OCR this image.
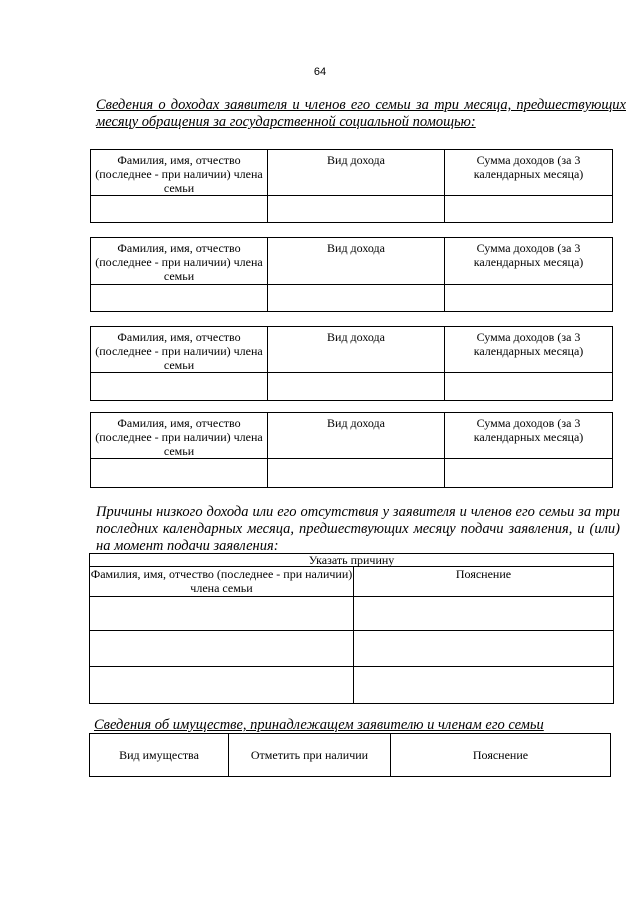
64
Сведения о доходах заявителя и членов его семьи за три месяца, предшествующих месяцу обращения за государственной социальной помощью:
Фамилия, имя, отчество (последнее - при наличии) члена семьи	Вид дохода	Сумма доходов (за 3 календарных месяца)

Фамилия, имя, отчество (последнее - при наличии) члена семьи	Вид дохода	Сумма доходов (за 3 календарных месяца)

Фамилия, имя, отчество (последнее - при наличии) члена семьи	Вид дохода	Сумма доходов (за 3 календарных месяца)

Фамилия, имя, отчество (последнее - при наличии) члена семьи	Вид дохода	Сумма доходов (за 3 календарных месяца)

Причины низкого дохода или его отсутствия у заявителя и членов его семьи за три последних календарных месяца, предшествующих месяцу подачи заявления, и (или) на момент подачи заявления:
Указать причину	
Фамилия, имя, отчество (последнее - при наличии) члена семьи	Пояснение

Сведения об имуществе, принадлежащем заявителю и членам его семьи
Вид имущества	Отметить при наличии	Пояснение
